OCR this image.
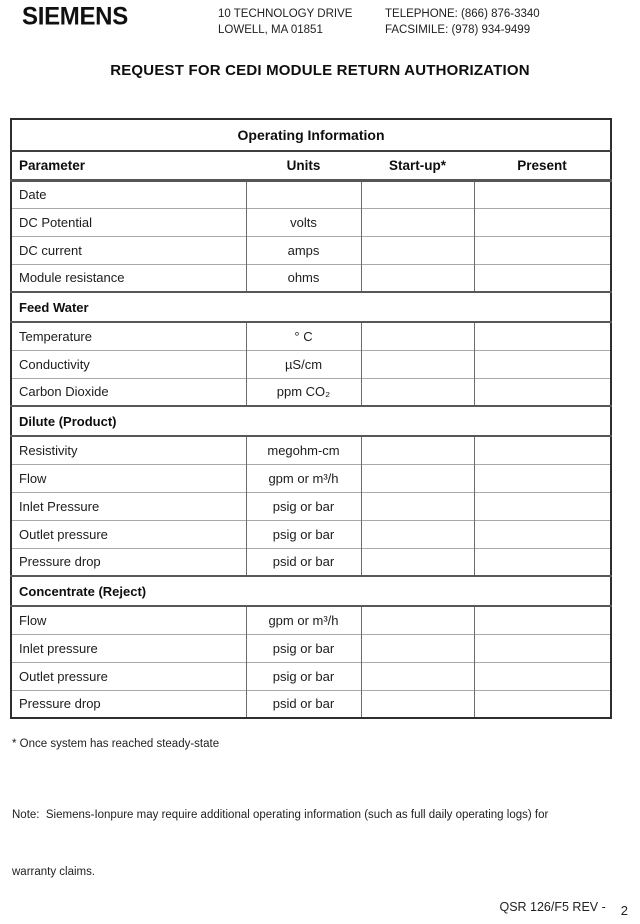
SIEMENS	10 TECHNOLOGY DRIVE
LOWELL, MA 01851
TELEPHONE: (866) 876-3340
FACSIMILE: (978) 934-9499
REQUEST FOR CEDI MODULE RETURN AUTHORIZATION
Operating Information			
Parameter	Units	Start-up*	Present
Date			
DC Potential	volts		
DC current	amps		
Module resistance	ohms		
Feed Water			
Temperature	° C		
Conductivity	µS/cm		
Carbon Dioxide	ppm CO₂		
Dilute (Product)			
Resistivity	megohm-cm		
Flow	gpm or m³/h		
Inlet Pressure	psig or bar		
Outlet pressure	psig or bar		
Pressure drop	psid or bar		
Concentrate (Reject)			
Flow	gpm or m³/h		
Inlet pressure	psig or bar		
Outlet pressure	psig or bar		
Pressure drop	psid or bar		
* Once system has reached steady-state

Note:  Siemens-Ionpure may require additional operating information (such as full daily operating logs) for

warranty claims.

QSR 126/F5 REV - 2
